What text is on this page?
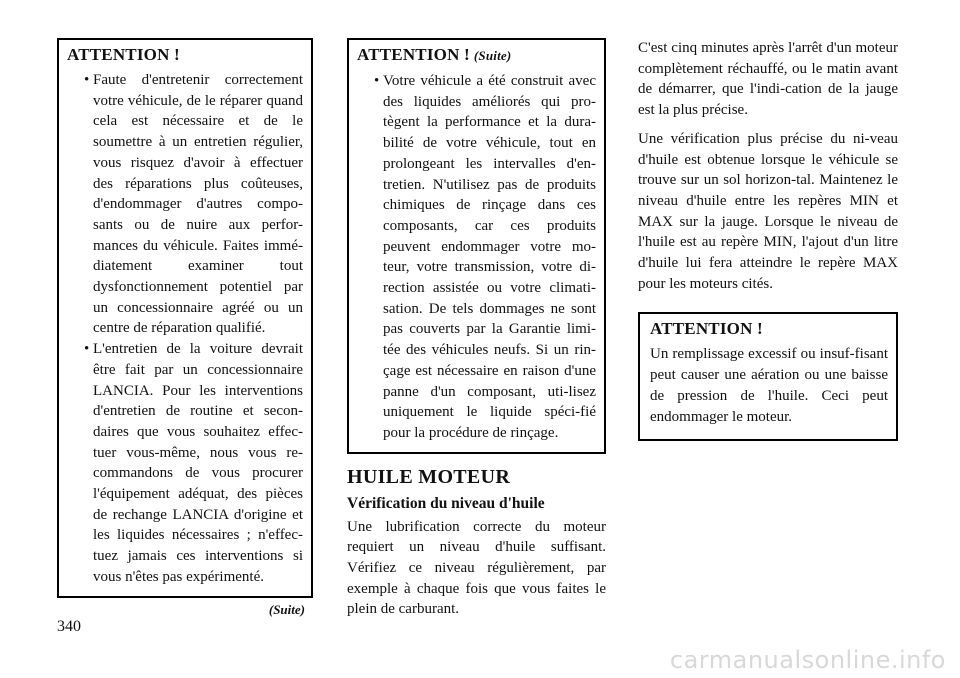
ATTENTION !
• Faute d'entretenir correctement votre véhicule, de le réparer quand cela est nécessaire et de le soumettre à un entretien régulier, vous risquez d'avoir à effectuer des réparations plus coûteuses, d'endommager d'autres compo-sants ou de nuire aux perfor-mances du véhicule. Faites immé-diatement examiner tout dysfonctionnement potentiel par un concessionnaire agréé ou un centre de réparation qualifié.
• L'entretien de la voiture devrait être fait par un concessionnaire LANCIA. Pour les interventions d'entretien de routine et secon-daires que vous souhaitez effec-tuer vous-même, nous vous re-commandons de vous procurer l'équipement adéquat, des pièces de rechange LANCIA d'origine et les liquides nécessaires ; n'effec-tuez jamais ces interventions si vous n'êtes pas expérimenté.
(Suite)
ATTENTION ! (Suite)
• Votre véhicule a été construit avec des liquides améliorés qui pro-tègent la performance et la dura-bilité de votre véhicule, tout en prolongeant les intervalles d'en-tretien. N'utilisez pas de produits chimiques de rinçage dans ces composants, car ces produits peuvent endommager votre mo-teur, votre transmission, votre di-rection assistée ou votre climati-sation. De tels dommages ne sont pas couverts par la Garantie limi-tée des véhicules neufs. Si un rin-çage est nécessaire en raison d'une panne d'un composant, uti-lisez uniquement le liquide spéci-fié pour la procédure de rinçage.
HUILE MOTEUR
Vérification du niveau d'huile

Une lubrification correcte du moteur requiert un niveau d'huile suffisant. Vérifiez ce niveau régulièrement, par exemple à chaque fois que vous faites le plein de carburant.

C'est cinq minutes après l'arrêt d'un moteur complètement réchauffé, ou le matin avant de démarrer, que l'indi-cation de la jauge est la plus précise.

Une vérification plus précise du ni-veau d'huile est obtenue lorsque le véhicule se trouve sur un sol horizon-tal. Maintenez le niveau d'huile entre les repères MIN et MAX sur la jauge. Lorsque le niveau de l'huile est au repère MIN, l'ajout d'un litre d'huile lui fera atteindre le repère MAX pour les moteurs cités.

ATTENTION !

Un remplissage excessif ou insuf-fisant peut causer une aération ou une baisse de pression de l'huile. Ceci peut endommager le moteur.

340
carmanualsonline.info
